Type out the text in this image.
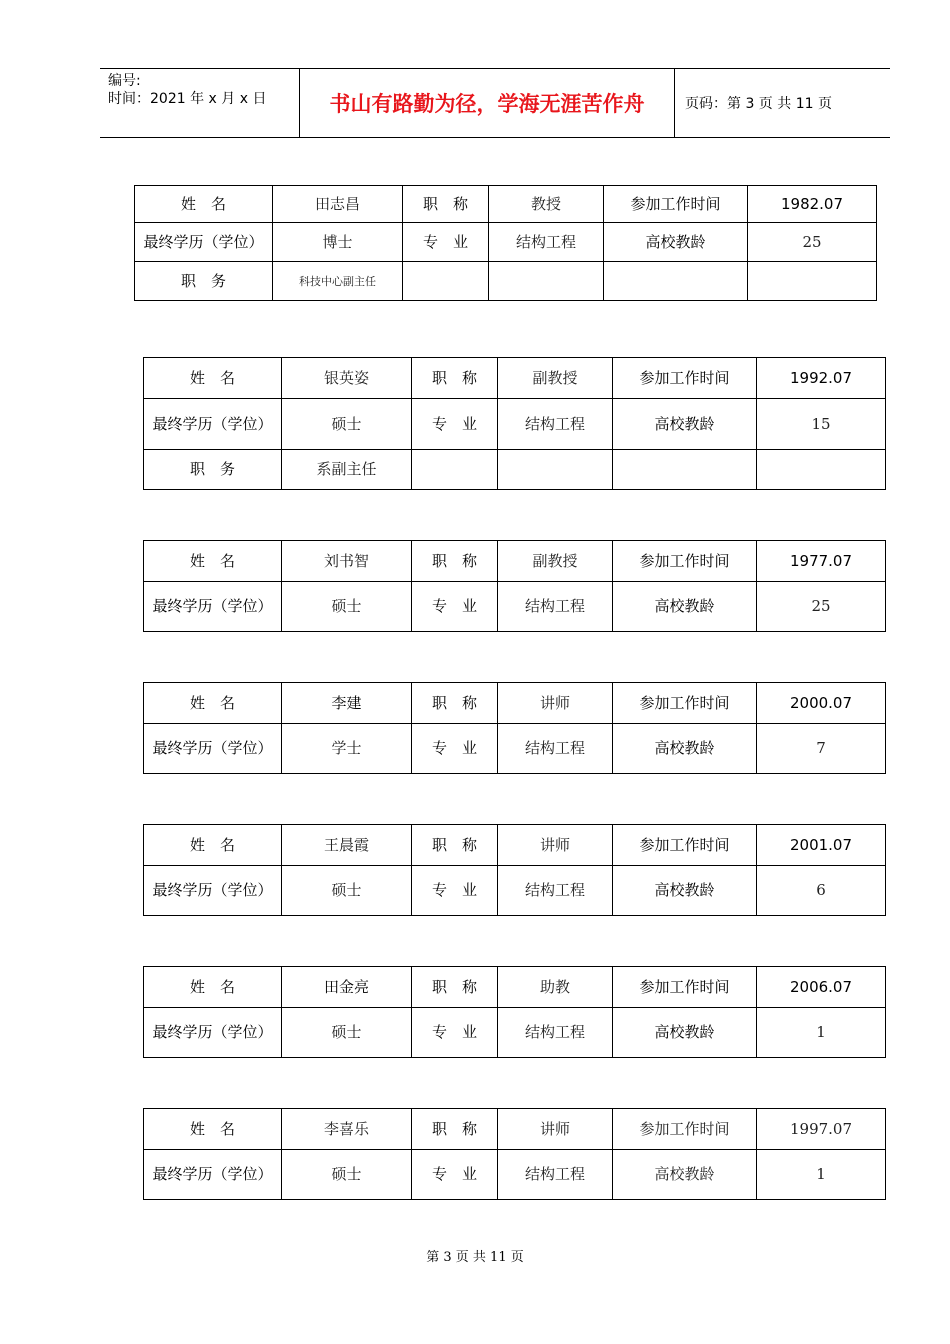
编号:
时间：2021 年 x 月 x 日	书山有路勤为径，学海无涯苦作舟	页码：第 3 页 共 11 页
姓　名	田志昌	职　称	教授	参加工作时间	1982.07
最终学历（学位）	博士	专　业	结构工程	高校教龄	25
职　务	科技中心副主任				
姓　名	银英姿	职　称	副教授	参加工作时间	1992.07
最终学历（学位）	硕士	专　业	结构工程	高校教龄	15
职　务	系副主任				
姓　名	刘书智	职　称	副教授	参加工作时间	1977.07
最终学历（学位）	硕士	专　业	结构工程	高校教龄	25
姓　名	李建	职　称	讲师	参加工作时间	2000.07
最终学历（学位）	学士	专　业	结构工程	高校教龄	7
姓　名	王晨霞	职　称	讲师	参加工作时间	2001.07
最终学历（学位）	硕士	专　业	结构工程	高校教龄	6
姓　名	田金亮	职　称	助教	参加工作时间	2006.07
最终学历（学位）	硕士	专　业	结构工程	高校教龄	1
姓　名	李喜乐	职　称	讲师	参加工作时间	1997.07
最终学历（学位）	硕士	专　业	结构工程	高校教龄	1
第 3 页 共 11 页
